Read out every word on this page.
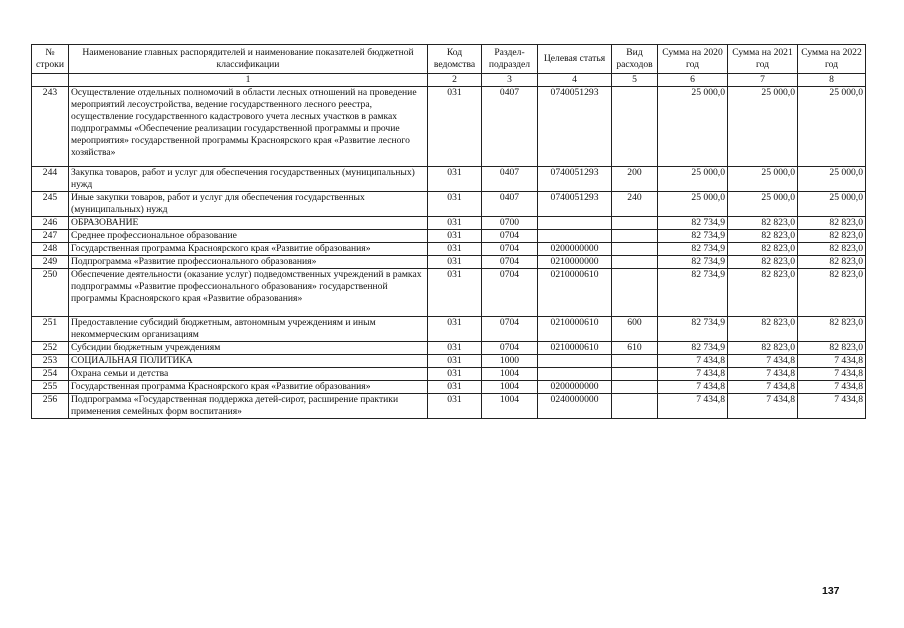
№ строки	Наименование главных распорядителей и наименование показателей бюджетной классификации	Код ведомства	Раздел-подраздел	Целевая статья	Вид расходов	Сумма на 2020 год	Сумма на 2021 год	Сумма на 2022 год
	1	2	3	4	5	6	7	8
243	Осуществление отдельных полномочий в области лесных отношений на проведение мероприятий лесоустройства, ведение государственного лесного реестра, осуществление государственного кадастрового учета лесных участков в рамках подпрограммы «Обеспечение реализации государственной программы и прочие мероприятия» государственной программы Красноярского края «Развитие лесного хозяйства»	031	0407	0740051293		25 000,0	25 000,0	25 000,0
244	Закупка товаров, работ и услуг для обеспечения государственных (муниципальных) нужд	031	0407	0740051293	200	25 000,0	25 000,0	25 000,0
245	Иные закупки товаров, работ и услуг для обеспечения государственных (муниципальных) нужд	031	0407	0740051293	240	25 000,0	25 000,0	25 000,0
246	ОБРАЗОВАНИЕ	031	0700			82 734,9	82 823,0	82 823,0
247	Среднее профессиональное образование	031	0704			82 734,9	82 823,0	82 823,0
248	Государственная программа Красноярского края «Развитие образования»	031	0704	0200000000		82 734,9	82 823,0	82 823,0
249	Подпрограмма «Развитие профессионального образования»	031	0704	0210000000		82 734,9	82 823,0	82 823,0
250	Обеспечение деятельности (оказание услуг) подведомственных учреждений в рамках подпрограммы «Развитие профессионального образования» государственной программы Красноярского края «Развитие образования»	031	0704	0210000610		82 734,9	82 823,0	82 823,0
251	Предоставление субсидий бюджетным, автономным учреждениям и иным некоммерческим организациям	031	0704	0210000610	600	82 734,9	82 823,0	82 823,0
252	Субсидии бюджетным учреждениям	031	0704	0210000610	610	82 734,9	82 823,0	82 823,0
253	СОЦИАЛЬНАЯ ПОЛИТИКА	031	1000			7 434,8	7 434,8	7 434,8
254	Охрана семьи и детства	031	1004			7 434,8	7 434,8	7 434,8
255	Государственная программа Красноярского края «Развитие образования»	031	1004	0200000000		7 434,8	7 434,8	7 434,8
256	Подпрограмма «Государственная поддержка детей-сирот, расширение практики применения семейных форм воспитания»	031	1004	0240000000		7 434,8	7 434,8	7 434,8
137
